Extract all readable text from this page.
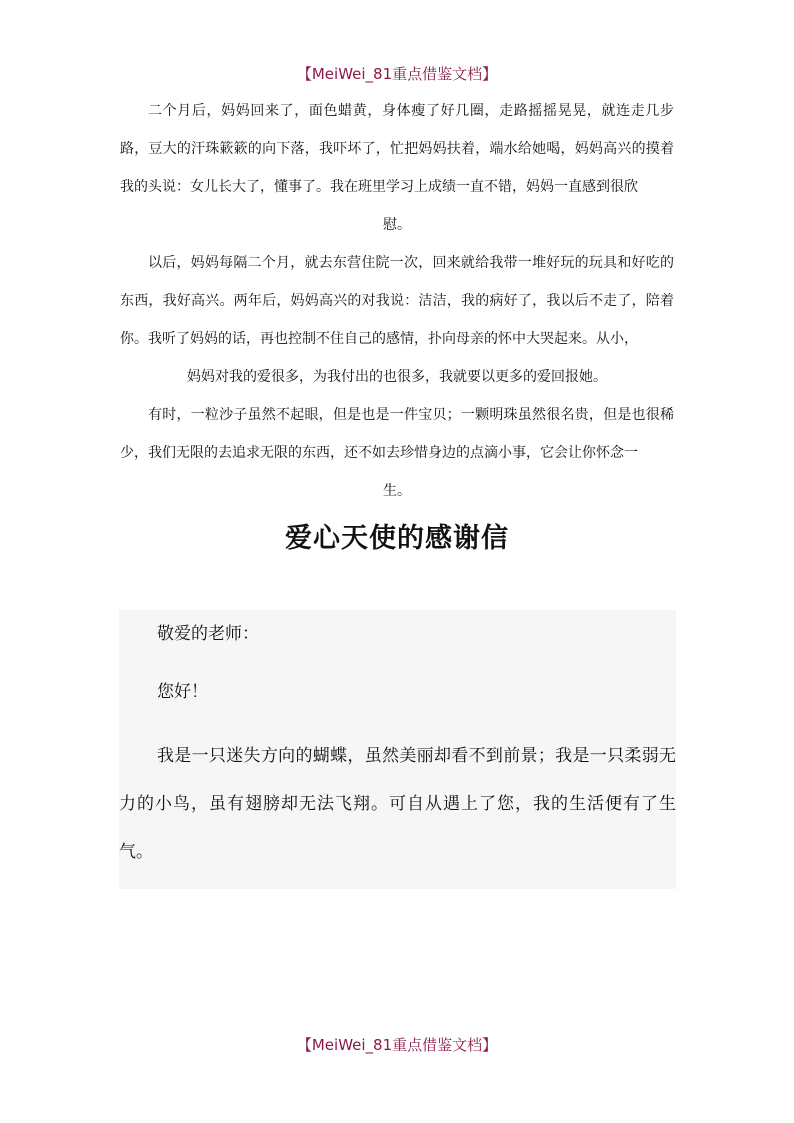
【MeiWei_81重点借鉴文档】

二个月后，妈妈回来了，面色蜡黄，身体瘦了好几圈，走路摇摇晃晃，就连走几步路，豆大的汗珠簌簌的向下落，我吓坏了，忙把妈妈扶着，端水给她喝，妈妈高兴的摸着我的头说：女儿长大了，懂事了。我在班里学习上成绩一直不错，妈妈一直感到很欣

慰。

以后，妈妈每隔二个月，就去东营住院一次，回来就给我带一堆好玩的玩具和好吃的东西，我好高兴。两年后，妈妈高兴的对我说：洁洁，我的病好了，我以后不走了，陪着你。我听了妈妈的话，再也控制不住自己的感情，扑向母亲的怀中大哭起来。从小，

妈妈对我的爱很多，为我付出的也很多，我就要以更多的爱回报她。

有时，一粒沙子虽然不起眼，但是也是一件宝贝；一颗明珠虽然很名贵，但是也很稀少，我们无限的去追求无限的东西，还不如去珍惜身边的点滴小事，它会让你怀念一

生。

爱心天使的感谢信

敬爱的老师：

您好！

我是一只迷失方向的蝴蝶，虽然美丽却看不到前景；我是一只柔弱无力的小鸟，虽有翅膀却无法飞翔。可自从遇上了您，我的生活便有了生气。

【MeiWei_81重点借鉴文档】
